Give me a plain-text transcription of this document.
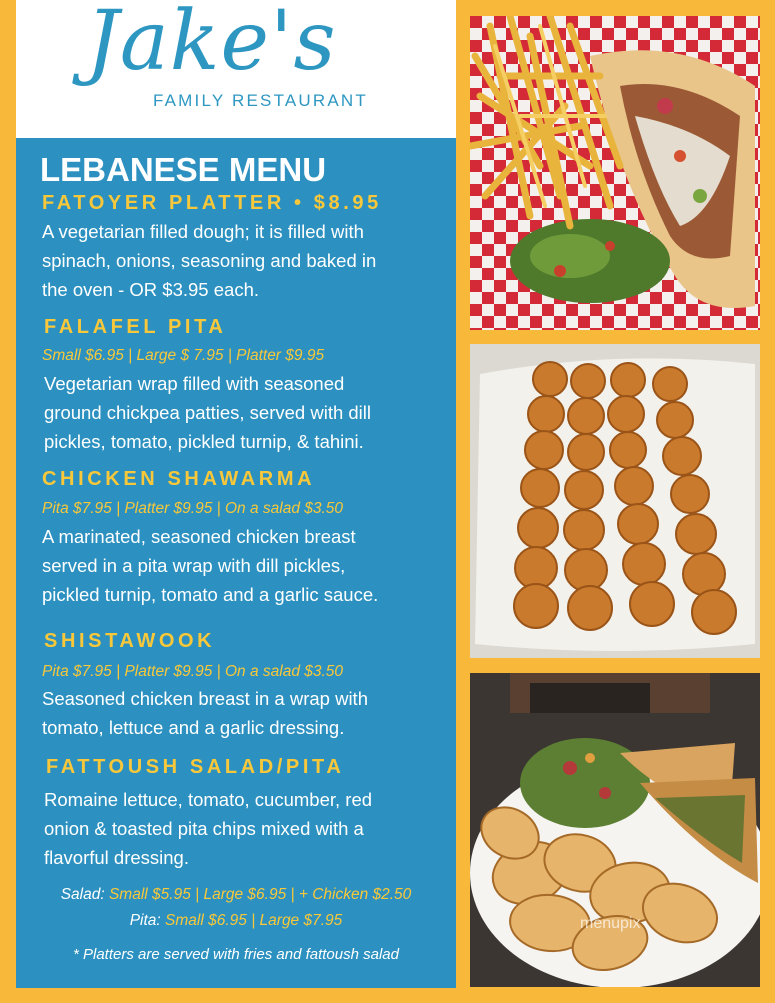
Jake's
FAMILY RESTAURANT
LEBANESE MENU
FATOYER PLATTER • $8.95
A vegetarian filled dough; it is filled with
spinach, onions, seasoning and baked in
the oven - OR $3.95 each.
FALAFEL PITA
Small $6.95 | Large $ 7.95 | Platter $9.95
Vegetarian wrap filled with seasoned
ground chickpea patties, served with dill
pickles, tomato, pickled turnip, & tahini.
CHICKEN SHAWARMA
Pita $7.95 | Platter $9.95 | On a salad $3.50
A marinated, seasoned chicken breast
served in a pita wrap with dill pickles,
pickled turnip, tomato and a garlic sauce.
SHISTAWOOK
Pita $7.95 | Platter $9.95 | On a salad $3.50
Seasoned chicken breast in a wrap with
tomato, lettuce and a garlic dressing.
FATTOUSH SALAD/PITA
Romaine lettuce, tomato, cucumber, red
onion & toasted pita chips mixed with a
flavorful dressing.
Salad: Small $5.95 | Large $6.95 | + Chicken $2.50
Pita: Small $6.95 | Large $7.95
* Platters are served with fries and fattoush salad
menupix
